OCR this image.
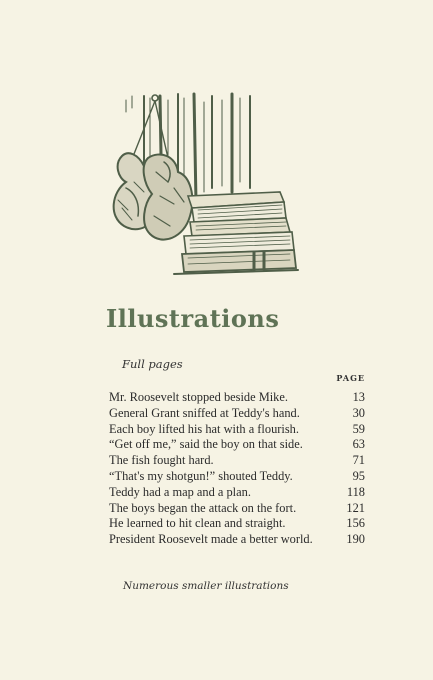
Illustrations

Full pages

PAGE
Mr. Roosevelt stopped beside Mike.	13
General Grant sniffed at Teddy's hand.	30
Each boy lifted his hat with a flourish.	59
“Get off me,” said the boy on that side.	63
The fish fought hard.	71
“That's my shotgun!” shouted Teddy.	95
Teddy had a map and a plan.	118
The boys began the attack on the fort.	121
He learned to hit clean and straight.	156
President Roosevelt made a better world.	190

Numerous smaller illustrations
